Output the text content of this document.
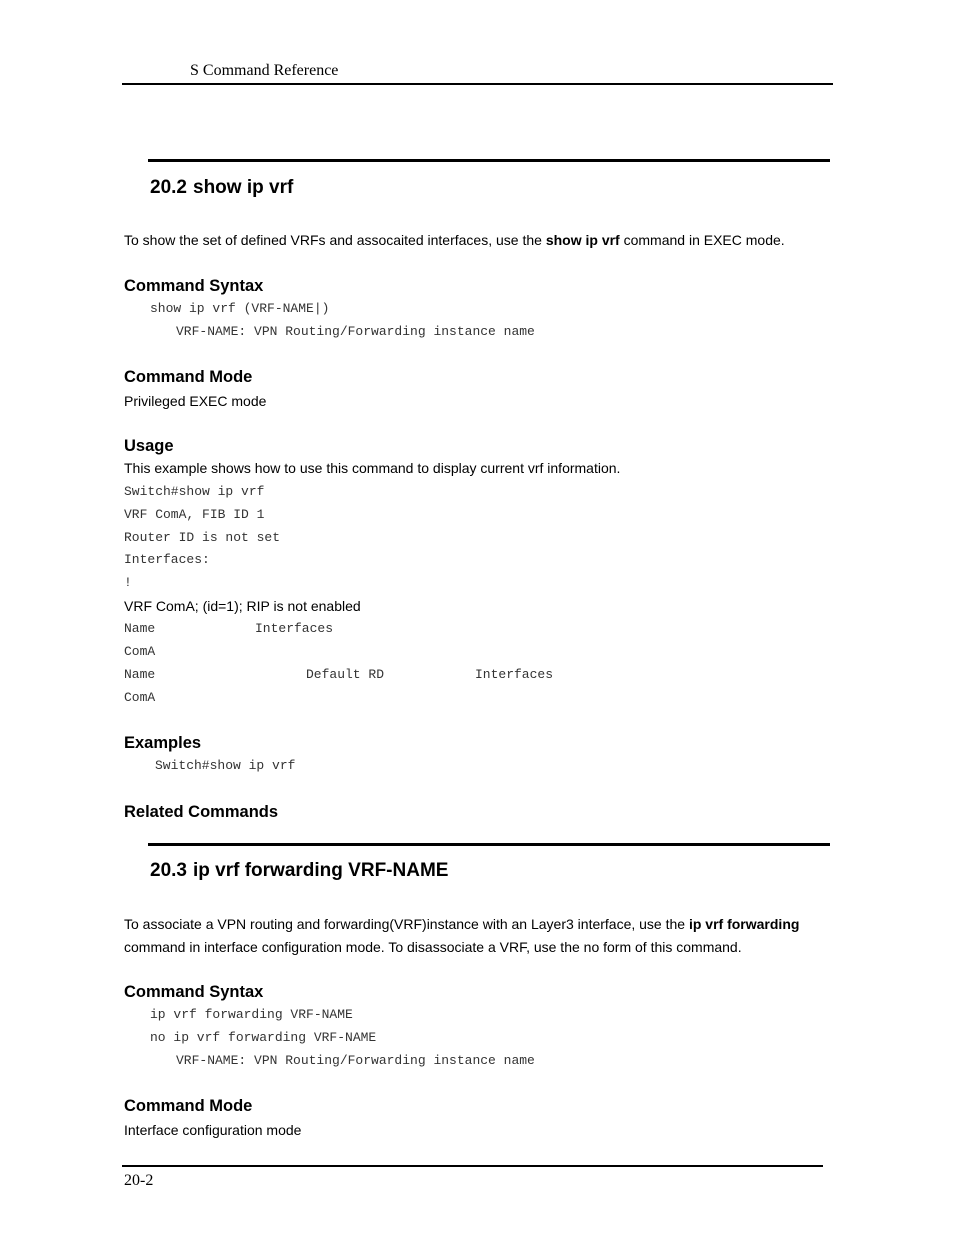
S Command Reference
20.2 show ip vrf
To show the set of defined VRFs and assocaited interfaces, use the show ip vrf command in EXEC mode.
Command Syntax
show ip vrf (VRF-NAME|)
VRF-NAME: VPN Routing/Forwarding instance name
Command Mode
Privileged EXEC mode
Usage
This example shows how to use this command to display current vrf information.
Switch#show ip vrf
VRF ComA, FIB ID 1
Router ID is not set
Interfaces:
!
VRF ComA; (id=1); RIP is not enabled
Name	Interfaces
ComA
Name	Default RD	Interfaces
ComA
Examples
Switch#show ip vrf
Related Commands
20.3 ip vrf forwarding VRF-NAME
To associate a VPN routing and forwarding(VRF)instance with an Layer3 interface, use the ip vrf forwarding
command in interface configuration mode. To disassociate a VRF, use the no form of this command.
Command Syntax
ip vrf forwarding VRF-NAME
no ip vrf forwarding VRF-NAME
VRF-NAME: VPN Routing/Forwarding instance name
Command Mode
Interface configuration mode
20-2
